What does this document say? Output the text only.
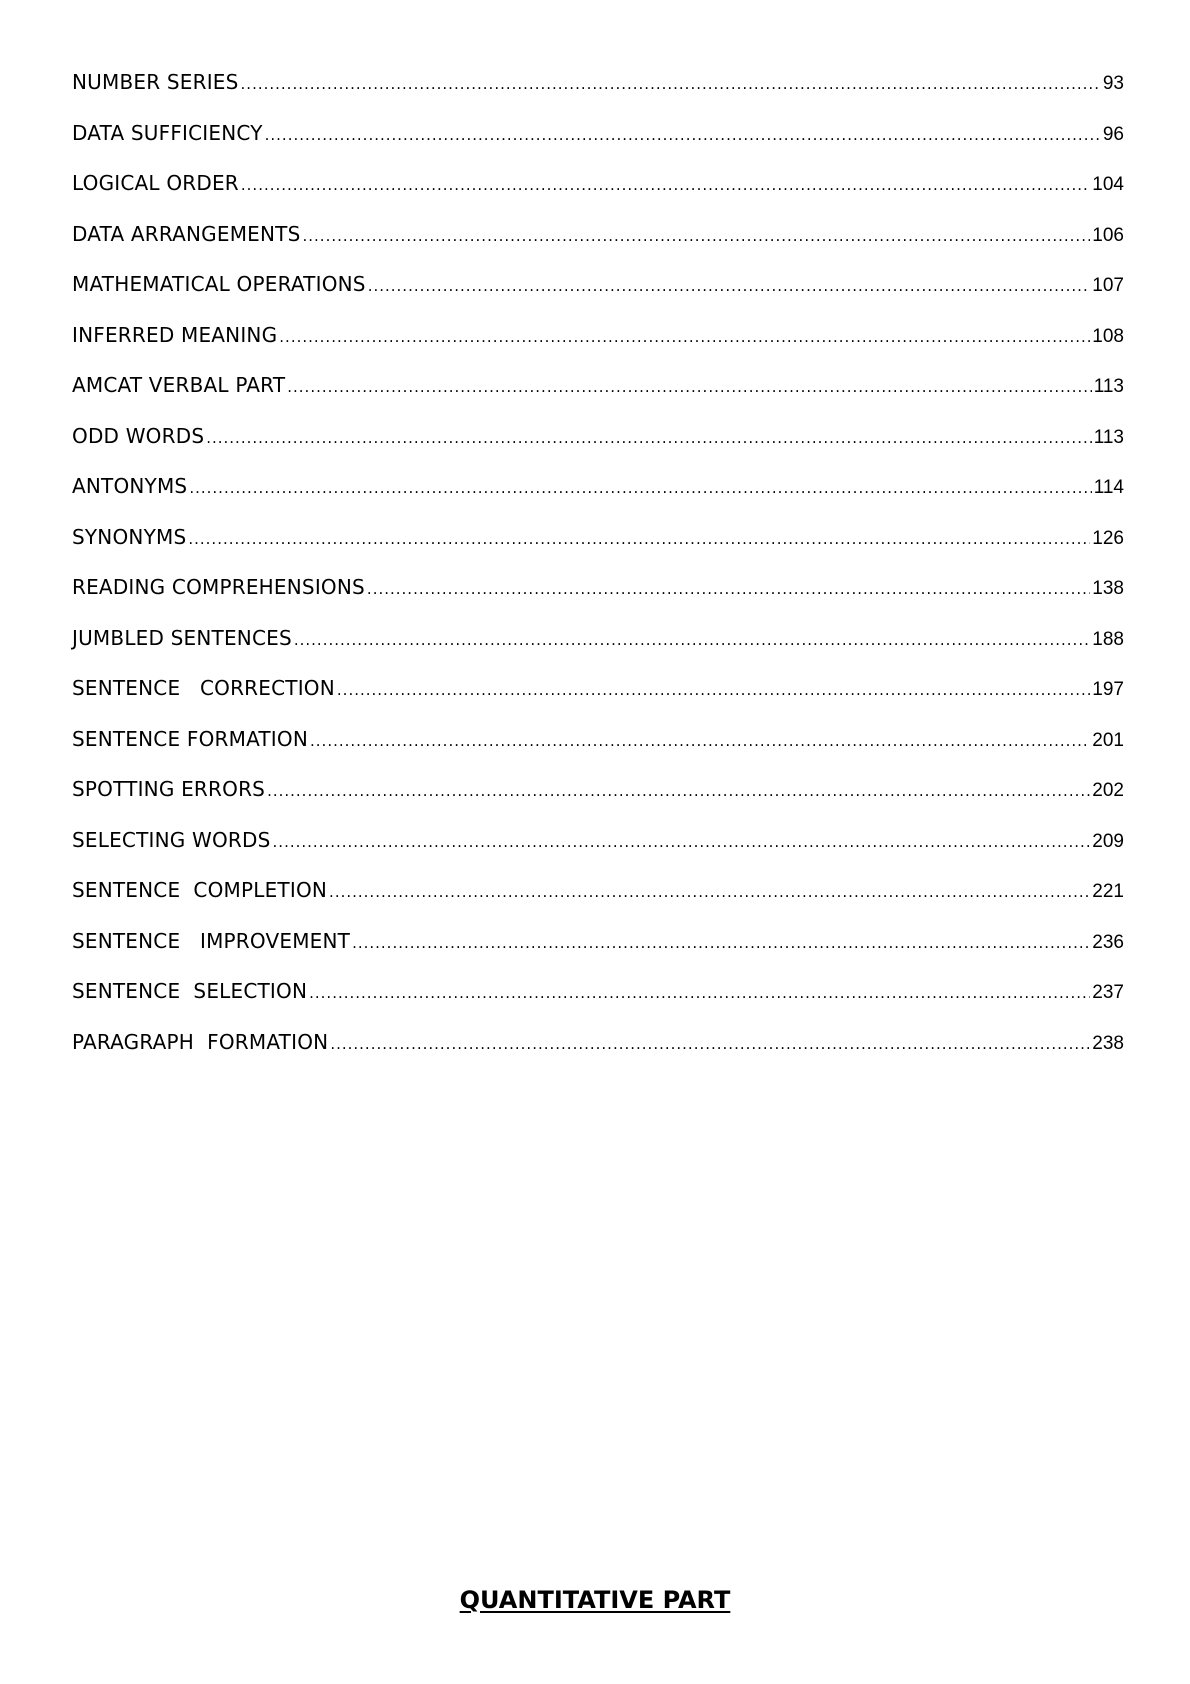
NUMBER SERIES .....	93
DATA SUFFICIENCY .....	96
LOGICAL ORDER .....	104
DATA ARRANGEMENTS .....	106
MATHEMATICAL OPERATIONS .....	107
INFERRED MEANING .....	108
AMCAT VERBAL PART .....	113
ODD WORDS .....	113
ANTONYMS .....	114
SYNONYMS .....	126
READING COMPREHENSIONS .....	138
JUMBLED SENTENCES .....	188
SENTENCE   CORRECTION .....	197
SENTENCE FORMATION .....	201
SPOTTING ERRORS .....	202
SELECTING WORDS .....	209
SENTENCE  COMPLETION .....	221
SENTENCE   IMPROVEMENT .....	236
SENTENCE  SELECTION .....	237
PARAGRAPH  FORMATION .....	238
QUANTITATIVE PART
